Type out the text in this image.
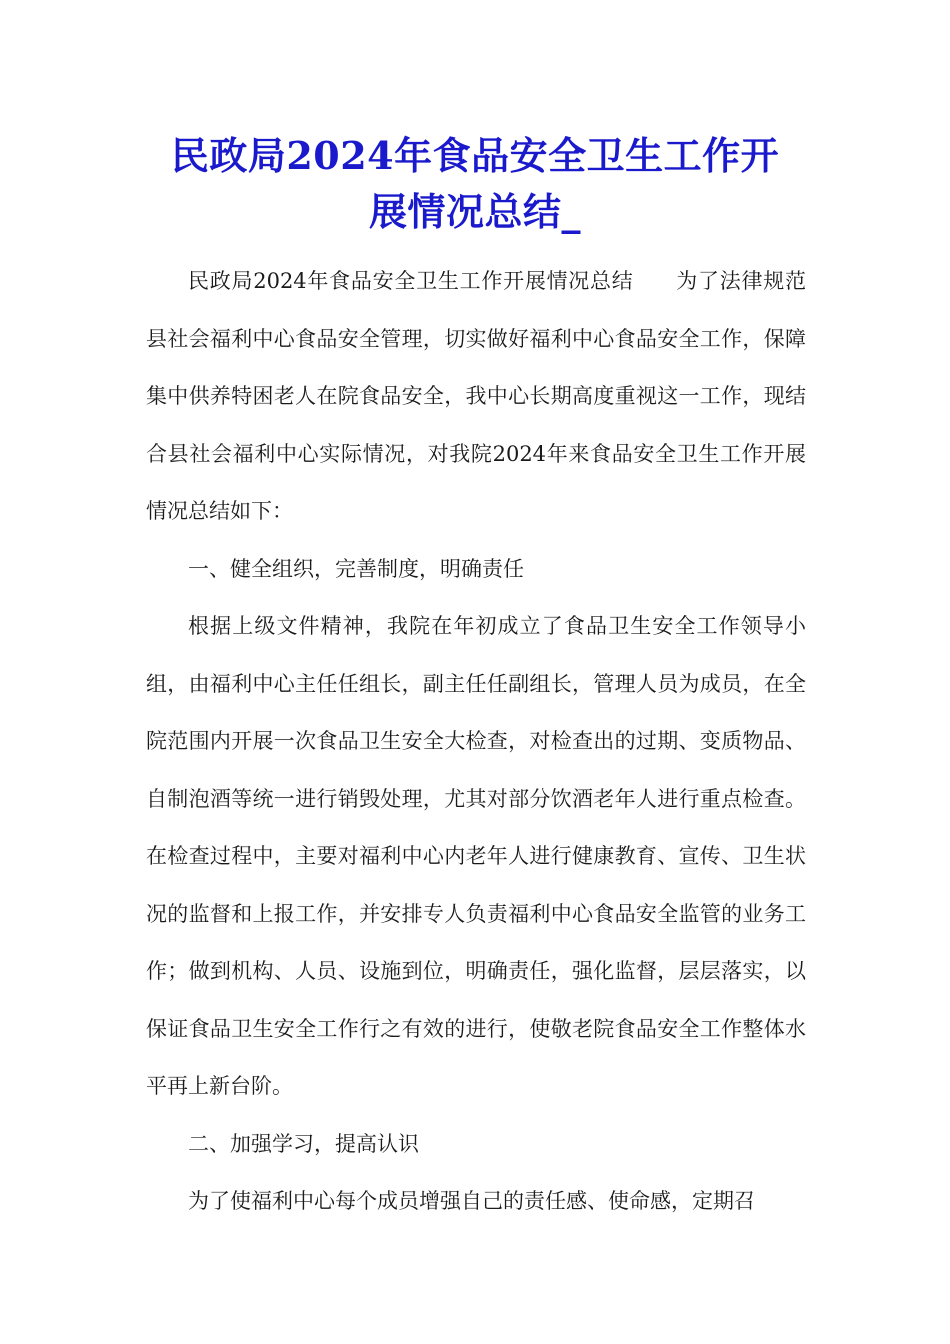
民政局2024年食品安全卫生工作开
展情况总结_

民政局2024年食品安全卫生工作开展情况总结 为了法律规范县社会福利中心食品安全管理，切实做好福利中心食品安全工作，保障集中供养特困老人在院食品安全，我中心长期高度重视这一工作，现结合县社会福利中心实际情况，对我院2024年来食品安全卫生工作开展情况总结如下：

一、健全组织，完善制度，明确责任

根据上级文件精神，我院在年初成立了食品卫生安全工作领导小组，由福利中心主任任组长，副主任任副组长，管理人员为成员，在全院范围内开展一次食品卫生安全大检查，对检查出的过期、变质物品、自制泡酒等统一进行销毁处理，尤其对部分饮酒老年人进行重点检查。在检查过程中，主要对福利中心内老年人进行健康教育、宣传、卫生状况的监督和上报工作，并安排专人负责福利中心食品安全监管的业务工作；做到机构、人员、设施到位，明确责任，强化监督，层层落实，以保证食品卫生安全工作行之有效的进行，使敬老院食品安全工作整体水平再上新台阶。

二、加强学习，提高认识

为了使福利中心每个成员增强自己的责任感、使命感，定期召
